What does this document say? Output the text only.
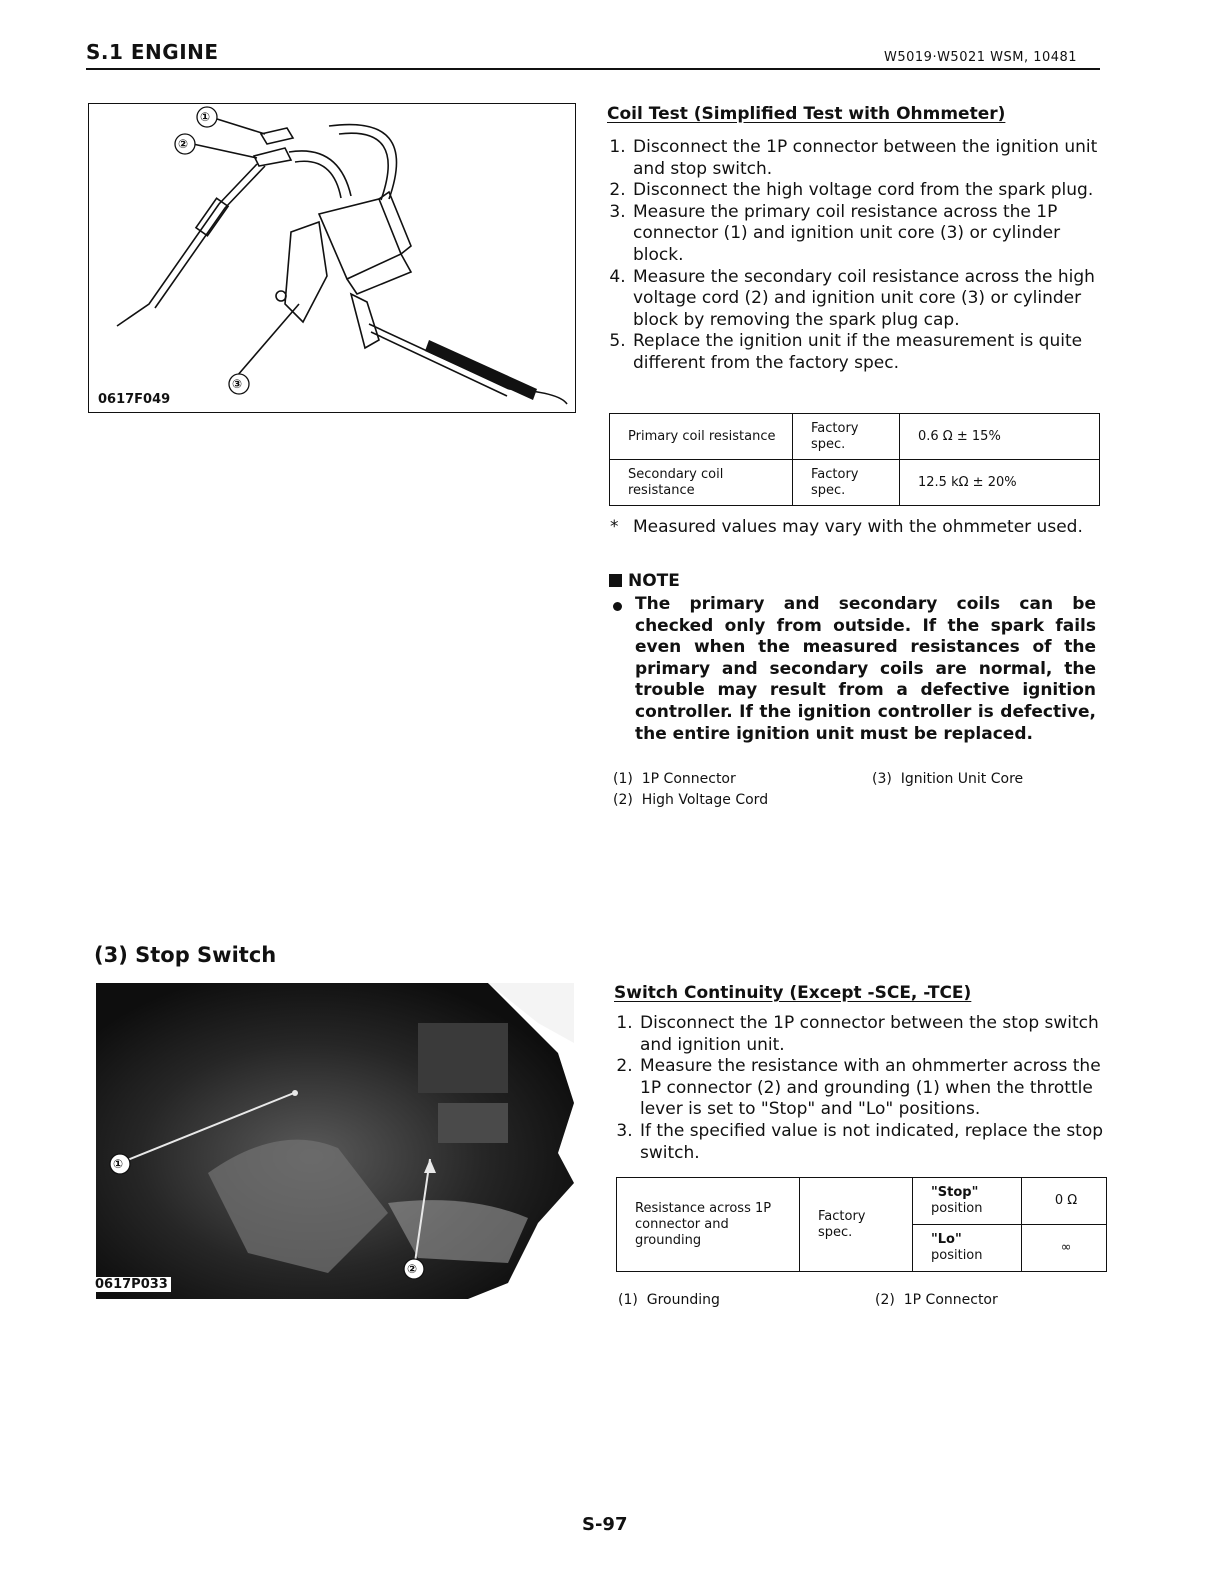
S.1 ENGINE	W5019·W5021 WSM, 10481
①
②
③
0617F049
Coil Test (Simplified Test with Ohmmeter)
1. Disconnect the 1P connector between the ignition unit and stop switch.
2. Disconnect the high voltage cord from the spark plug.
3. Measure the primary coil resistance across the 1P connector (1) and ignition unit core (3) or cylinder block.
4. Measure the secondary coil resistance across the high voltage cord (2) and ignition unit core (3) or cylinder block by removing the spark plug cap.
5. Replace the ignition unit if the measurement is quite different from the factory spec.
Primary coil resistance	Factory spec.	0.6 Ω ± 15%
Secondary coil resistance	Factory spec.	12.5 kΩ ± 20%
* Measured values may vary with the ohmmeter used.
NOTE
The primary and secondary coils can be checked only from outside. If the spark fails even when the measured resistances of the primary and secondary coils are normal, the trouble may result from a defective ignition controller. If the ignition controller is defective, the entire ignition unit must be replaced.
(1) 1P Connector
(2) High Voltage Cord
(3) Ignition Unit Core
(3) Stop Switch
①
②
0617P033
Switch Continuity (Except -SCE, -TCE)
1. Disconnect the 1P connector between the stop switch and ignition unit.
2. Measure the resistance with an ohmmerter across the 1P connector (2) and grounding (1) when the throttle lever is set to "Stop" and "Lo" positions.
3. If the specified value is not indicated, replace the stop switch.
Resistance across 1P connector and grounding	Factory spec.	"Stop"
position	0 Ω

		"Lo"
position	∞
(1) Grounding	(2) 1P Connector
S-97
